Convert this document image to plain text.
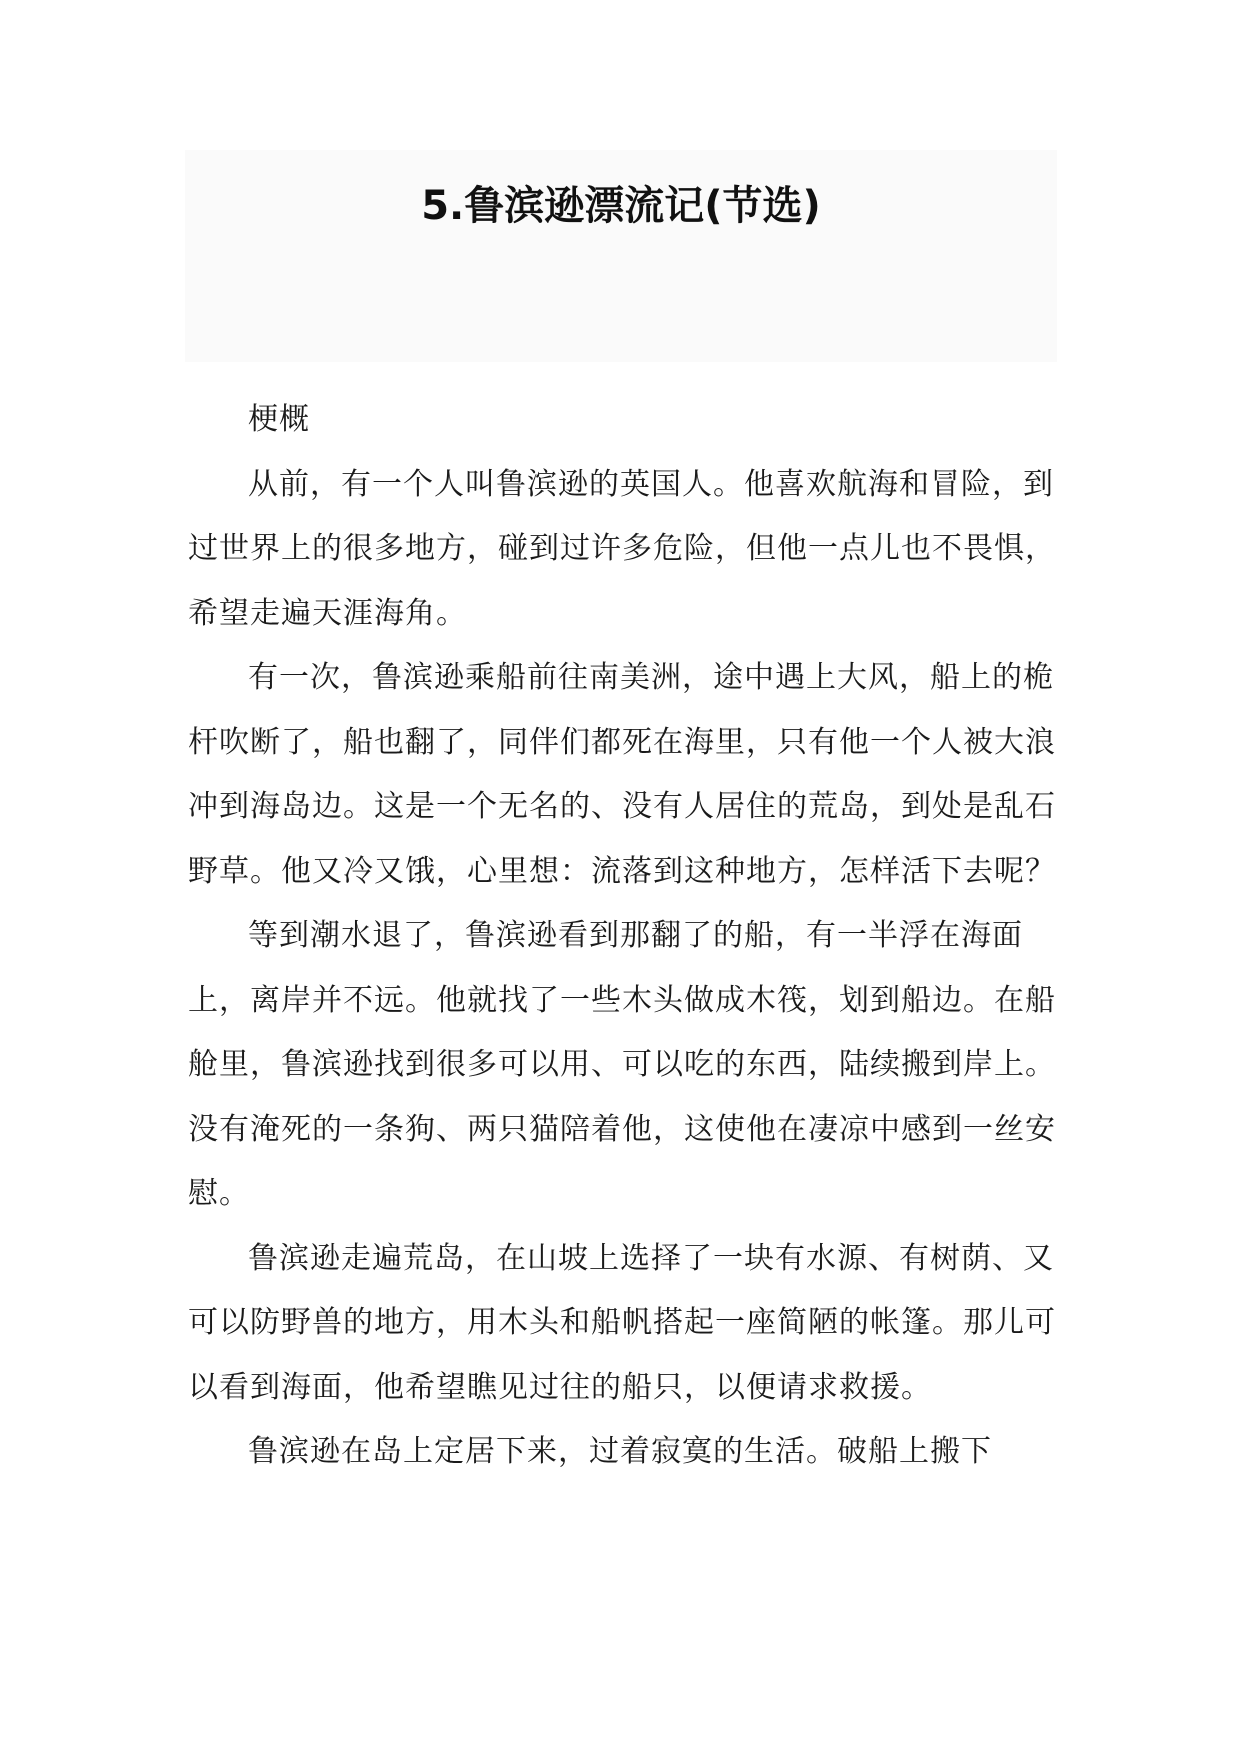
5.鲁滨逊漂流记(节选)

梗概

从前，有一个人叫鲁滨逊的英国人。他喜欢航海和冒险，到过世界上的很多地方，碰到过许多危险，但他一点儿也不畏惧，希望走遍天涯海角。

有一次，鲁滨逊乘船前往南美洲，途中遇上大风，船上的桅杆吹断了，船也翻了，同伴们都死在海里，只有他一个人被大浪冲到海岛边。这是一个无名的、没有人居住的荒岛，到处是乱石野草。他又冷又饿，心里想：流落到这种地方，怎样活下去呢？

等到潮水退了，鲁滨逊看到那翻了的船，有一半浮在海面上，离岸并不远。他就找了一些木头做成木筏，划到船边。在船舱里，鲁滨逊找到很多可以用、可以吃的东西，陆续搬到岸上。没有淹死的一条狗、两只猫陪着他，这使他在凄凉中感到一丝安慰。

鲁滨逊走遍荒岛，在山坡上选择了一块有水源、有树荫、又可以防野兽的地方，用木头和船帆搭起一座简陋的帐篷。那儿可以看到海面，他希望瞧见过往的船只，以便请求救援。

鲁滨逊在岛上定居下来，过着寂寞的生活。破船上搬下
